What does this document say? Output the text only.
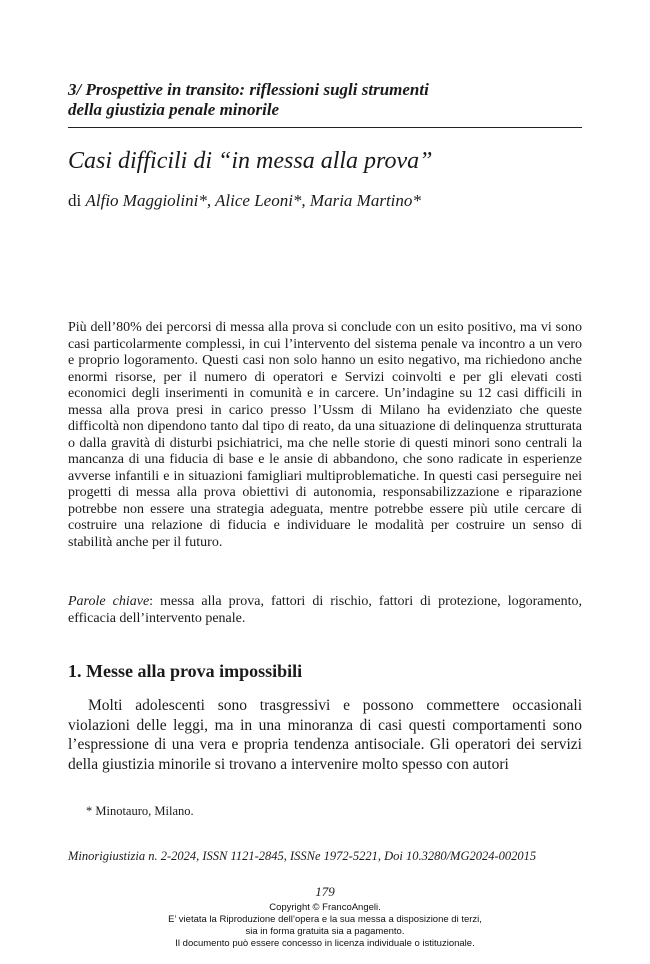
3/ Prospettive in transito: riflessioni sugli strumenti
della giustizia penale minorile
Casi difficili di “in messa alla prova”
di Alfio Maggiolini*, Alice Leoni*, Maria Martino*
Più dell’80% dei percorsi di messa alla prova si conclude con un esito positivo, ma vi sono casi particolarmente complessi, in cui l’intervento del sistema penale va incontro a un vero e proprio logoramento. Questi casi non solo hanno un esito negativo, ma richiedono anche enormi risorse, per il numero di operatori e Servizi coinvolti e per gli elevati costi economici degli inserimenti in comunità e in carcere. Un’indagine su 12 casi difficili in messa alla prova presi in carico presso l’Ussm di Milano ha evidenziato che queste difficoltà non dipendono tanto dal tipo di reato, da una situazione di delinquenza strutturata o dalla gravità di disturbi psichiatrici, ma che nelle storie di questi minori sono centrali la mancanza di una fiducia di base e le ansie di abbandono, che sono radicate in esperienze avverse infantili e in situazioni famigliari multiproblematiche. In questi casi perseguire nei progetti di messa alla prova obiettivi di autonomia, responsabilizzazione e riparazione potrebbe non essere una strategia adeguata, mentre potrebbe essere più utile cercare di costruire una relazione di fiducia e individuare le modalità per costruire un senso di stabilità anche per il futuro.
Parole chiave: messa alla prova, fattori di rischio, fattori di protezione, logoramento, efficacia dell’intervento penale.
1. Messe alla prova impossibili
Molti adolescenti sono trasgressivi e possono commettere occasionali violazioni delle leggi, ma in una minoranza di casi questi comportamenti sono l’espressione di una vera e propria tendenza antisociale. Gli operatori dei servizi della giustizia minorile si trovano a intervenire molto spesso con autori
* Minotauro, Milano.
Minorigiustizia n. 2-2024, ISSN 1121-2845, ISSNe 1972-5221, Doi 10.3280/MG2024-002015
179
Copyright © FrancoAngeli.
E’ vietata la Riproduzione dell’opera e la sua messa a disposizione di terzi,
sia in forma gratuita sia a pagamento.
Il documento può essere concesso in licenza individuale o istituzionale.
